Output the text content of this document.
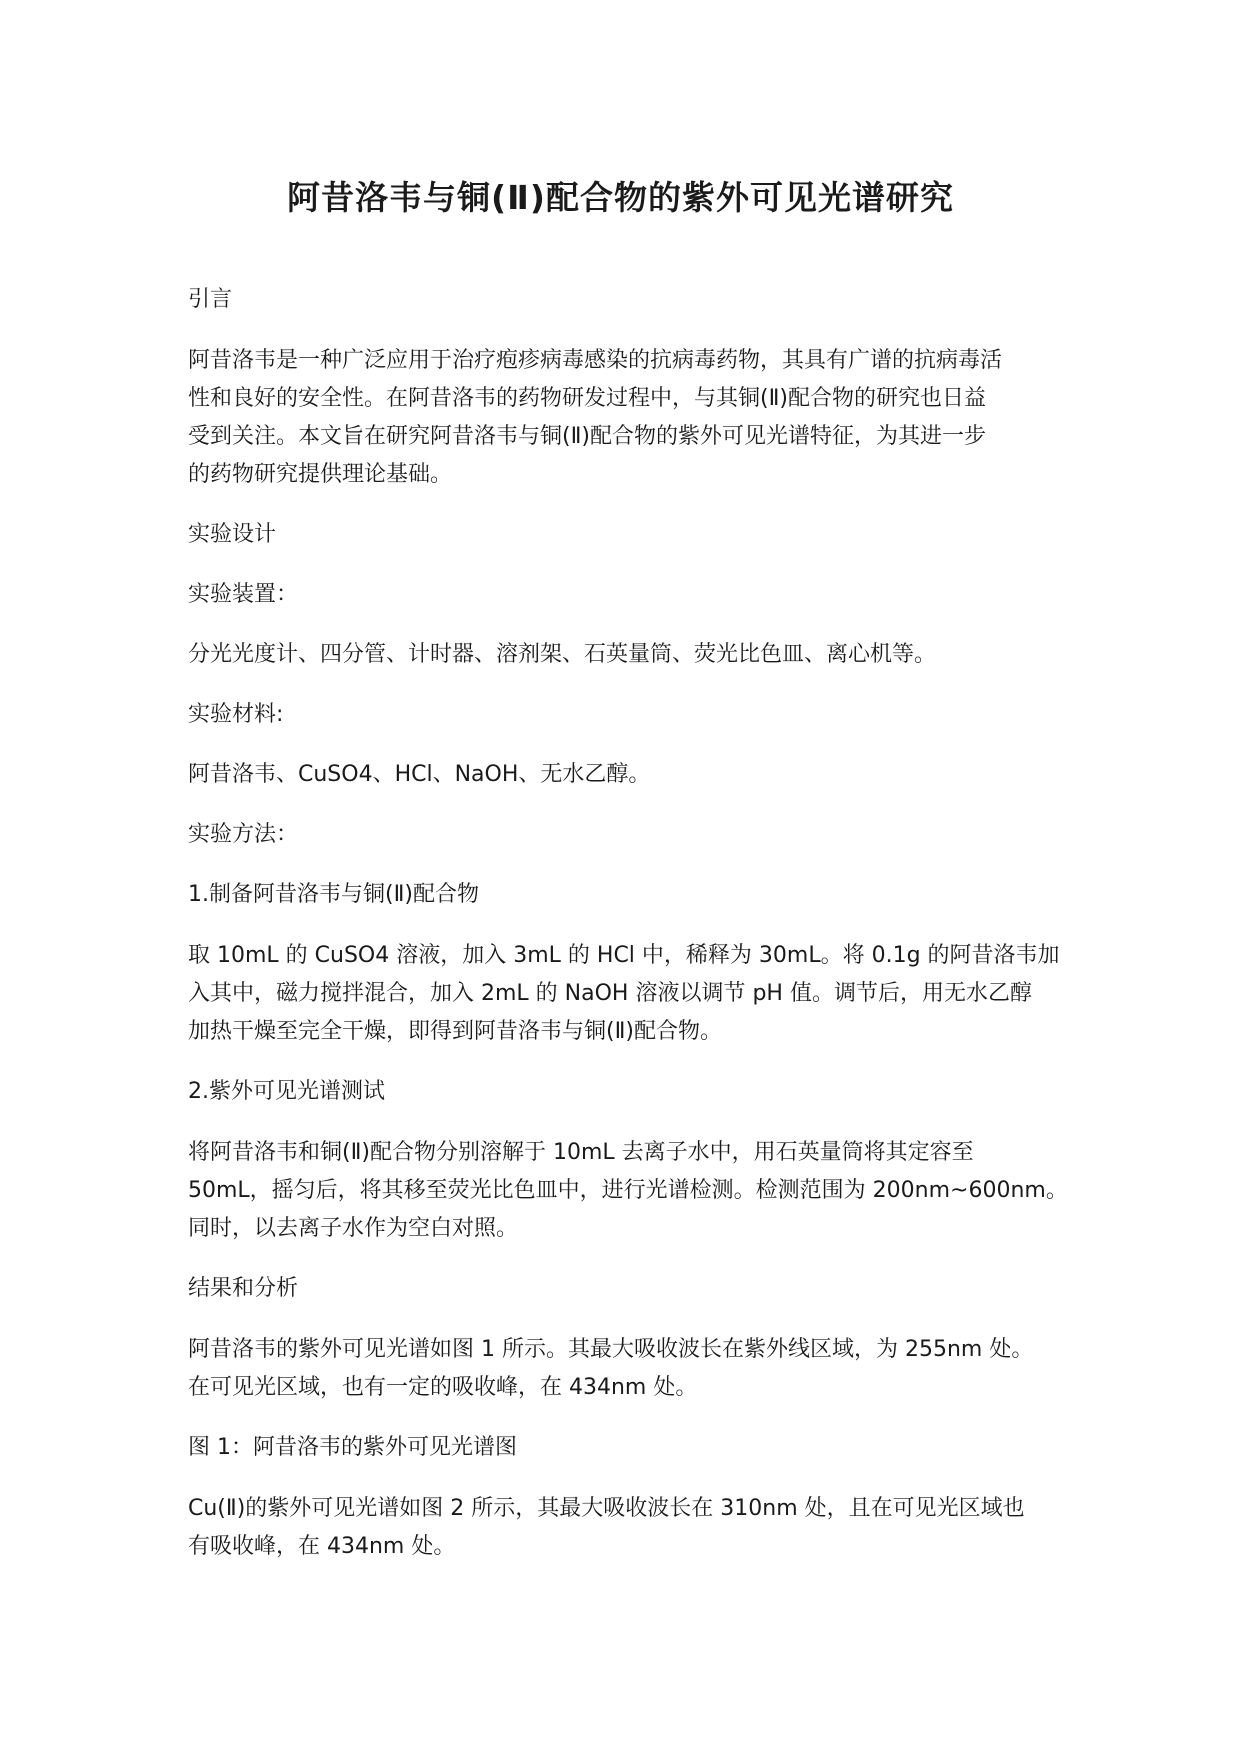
阿昔洛韦与铜(Ⅱ)配合物的紫外可见光谱研究
引言
阿昔洛韦是一种广泛应用于治疗疱疹病毒感染的抗病毒药物，其具有广谱的抗病毒活
性和良好的安全性。在阿昔洛韦的药物研发过程中，与其铜(Ⅱ)配合物的研究也日益
受到关注。本文旨在研究阿昔洛韦与铜(Ⅱ)配合物的紫外可见光谱特征，为其进一步
的药物研究提供理论基础。
实验设计
实验装置：
分光光度计、四分管、计时器、溶剂架、石英量筒、荧光比色皿、离心机等。
实验材料:
阿昔洛韦、CuSO4、HCl、NaOH、无水乙醇。
实验方法：
1.制备阿昔洛韦与铜(Ⅱ)配合物
取 10mL 的 CuSO4 溶液，加入 3mL 的 HCl 中，稀释为 30mL。将 0.1g 的阿昔洛韦加
入其中，磁力搅拌混合，加入 2mL 的 NaOH 溶液以调节 pH 值。调节后，用无水乙醇
加热干燥至完全干燥，即得到阿昔洛韦与铜(Ⅱ)配合物。
2.紫外可见光谱测试
将阿昔洛韦和铜(Ⅱ)配合物分别溶解于 10mL 去离子水中，用石英量筒将其定容至
50mL，摇匀后，将其移至荧光比色皿中，进行光谱检测。检测范围为 200nm~600nm。
同时，以去离子水作为空白对照。
结果和分析
阿昔洛韦的紫外可见光谱如图 1 所示。其最大吸收波长在紫外线区域，为 255nm 处。
在可见光区域，也有一定的吸收峰，在 434nm 处。
图 1：阿昔洛韦的紫外可见光谱图
Cu(Ⅱ)的紫外可见光谱如图 2 所示，其最大吸收波长在 310nm 处，且在可见光区域也
有吸收峰，在 434nm 处。
